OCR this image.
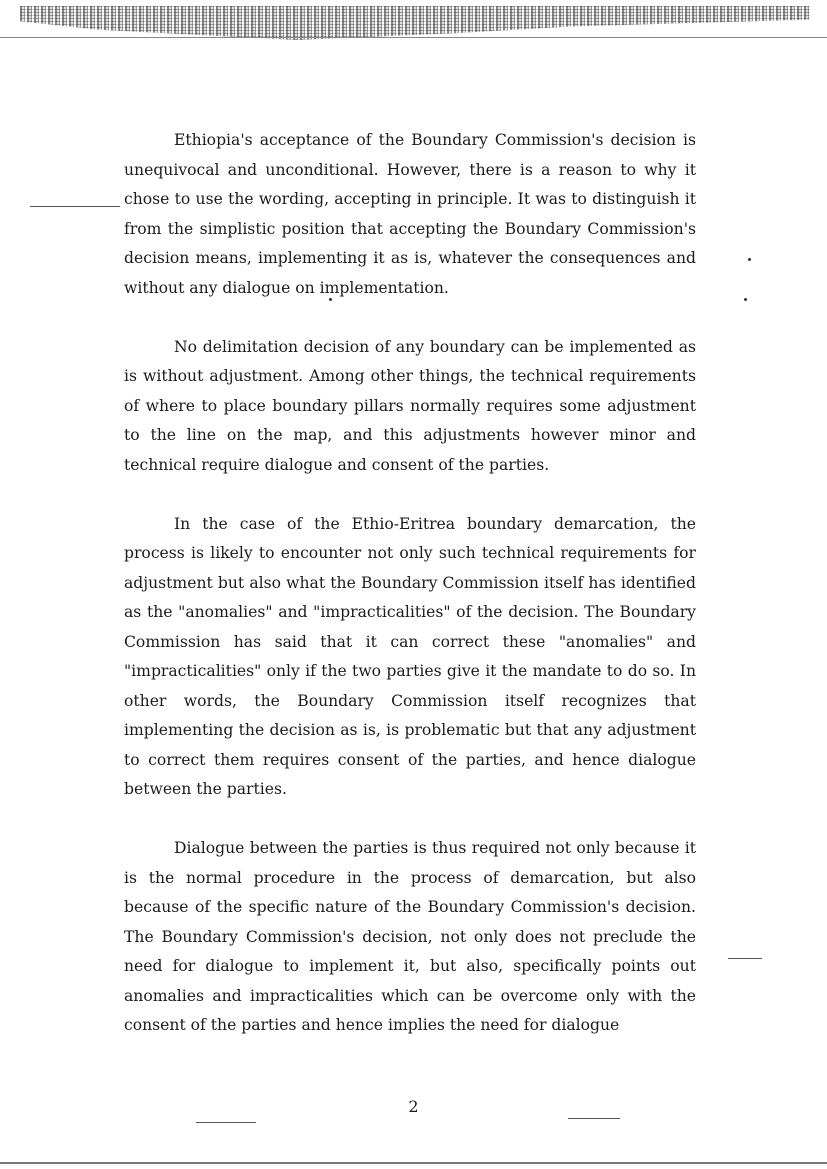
Ethiopia's acceptance of the Boundary Commission's decision is unequivocal and unconditional. However, there is a reason to why it chose to use the wording, accepting in principle. It was to distinguish it from the simplistic position that accepting the Boundary Commission's decision means, implementing it as is, whatever the consequences and without any dialogue on implementation.

No delimitation decision of any boundary can be implemented as is without adjustment. Among other things, the technical requirements of where to place boundary pillars normally requires some adjustment to the line on the map, and this adjustments however minor and technical require dialogue and consent of the parties.

In the case of the Ethio-Eritrea boundary demarcation, the process is likely to encounter not only such technical requirements for adjustment but also what the Boundary Commission itself has identified as the "anomalies" and "impracticalities" of the decision. The Boundary Commission has said that it can correct these "anomalies" and "impracticalities" only if the two parties give it the mandate to do so. In other words, the Boundary Commission itself recognizes that implementing the decision as is, is problematic but that any adjustment to correct them requires consent of the parties, and hence dialogue between the parties.

Dialogue between the parties is thus required not only because it is the normal procedure in the process of demarcation, but also because of the specific nature of the Boundary Commission's decision. The Boundary Commission's decision, not only does not preclude the need for dialogue to implement it, but also, specifically points out anomalies and impracticalities which can be overcome only with the consent of the parties and hence implies the need for dialogue

2
